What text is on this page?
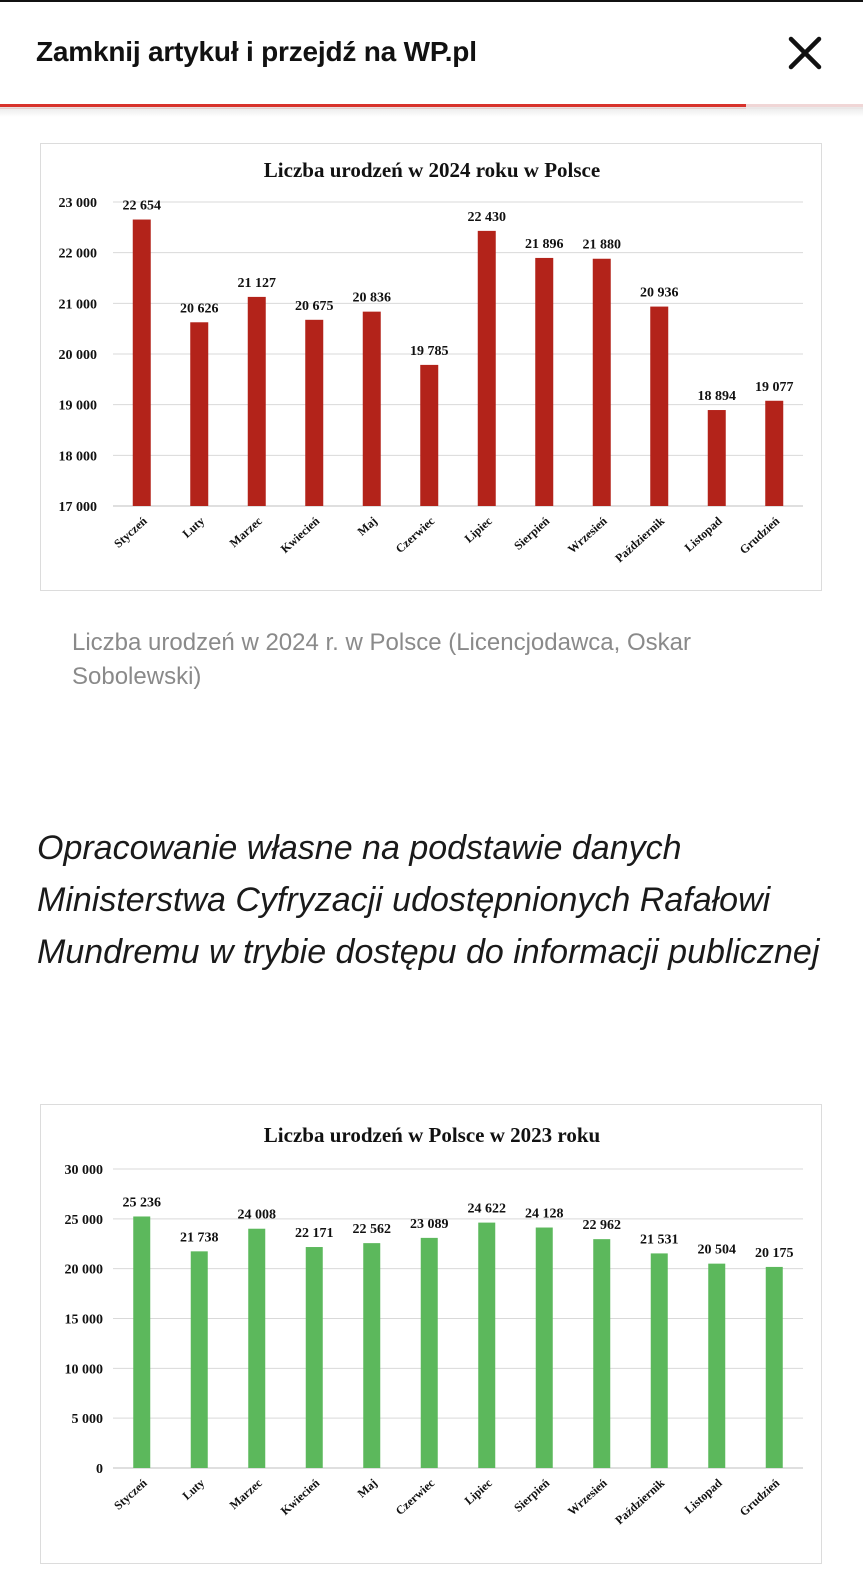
Zamknij artykuł i przejdź na WP.pl
Liczba urodzeń w 2024 roku w Polsce
17 000
18 000
19 000
20 000
21 000
22 000
23 000 22 654
Styczeń
20 626
Luty
21 127
Marzec
20 675
Kwiecień
20 836
Maj
19 785
Czerwiec
22 430
Lipiec
21 896
Sierpień
21 880
Wrzesień
20 936
Październik
18 894
Listopad
19 077
Grudzień
Liczba urodzeń w 2024 r. w Polsce (Licencjodawca, Oskar Sobolewski)
Opracowanie własne na podstawie danych Ministerstwa Cyfryzacji udostępnionych Rafałowi Mundremu w trybie dostępu do informacji publicznej
Liczba urodzeń w Polsce w 2023 roku
0
5 000
10 000
15 000
20 000
25 000
30 000
25 236
Styczeń
21 738
Luty
24 008
Marzec
22 171
Kwiecień
22 562
Maj
23 089
Czerwiec
24 622
Lipiec
24 128
Sierpień
22 962
Wrzesień
21 531
Październik
20 504
Listopad
20 175
Grudzień
